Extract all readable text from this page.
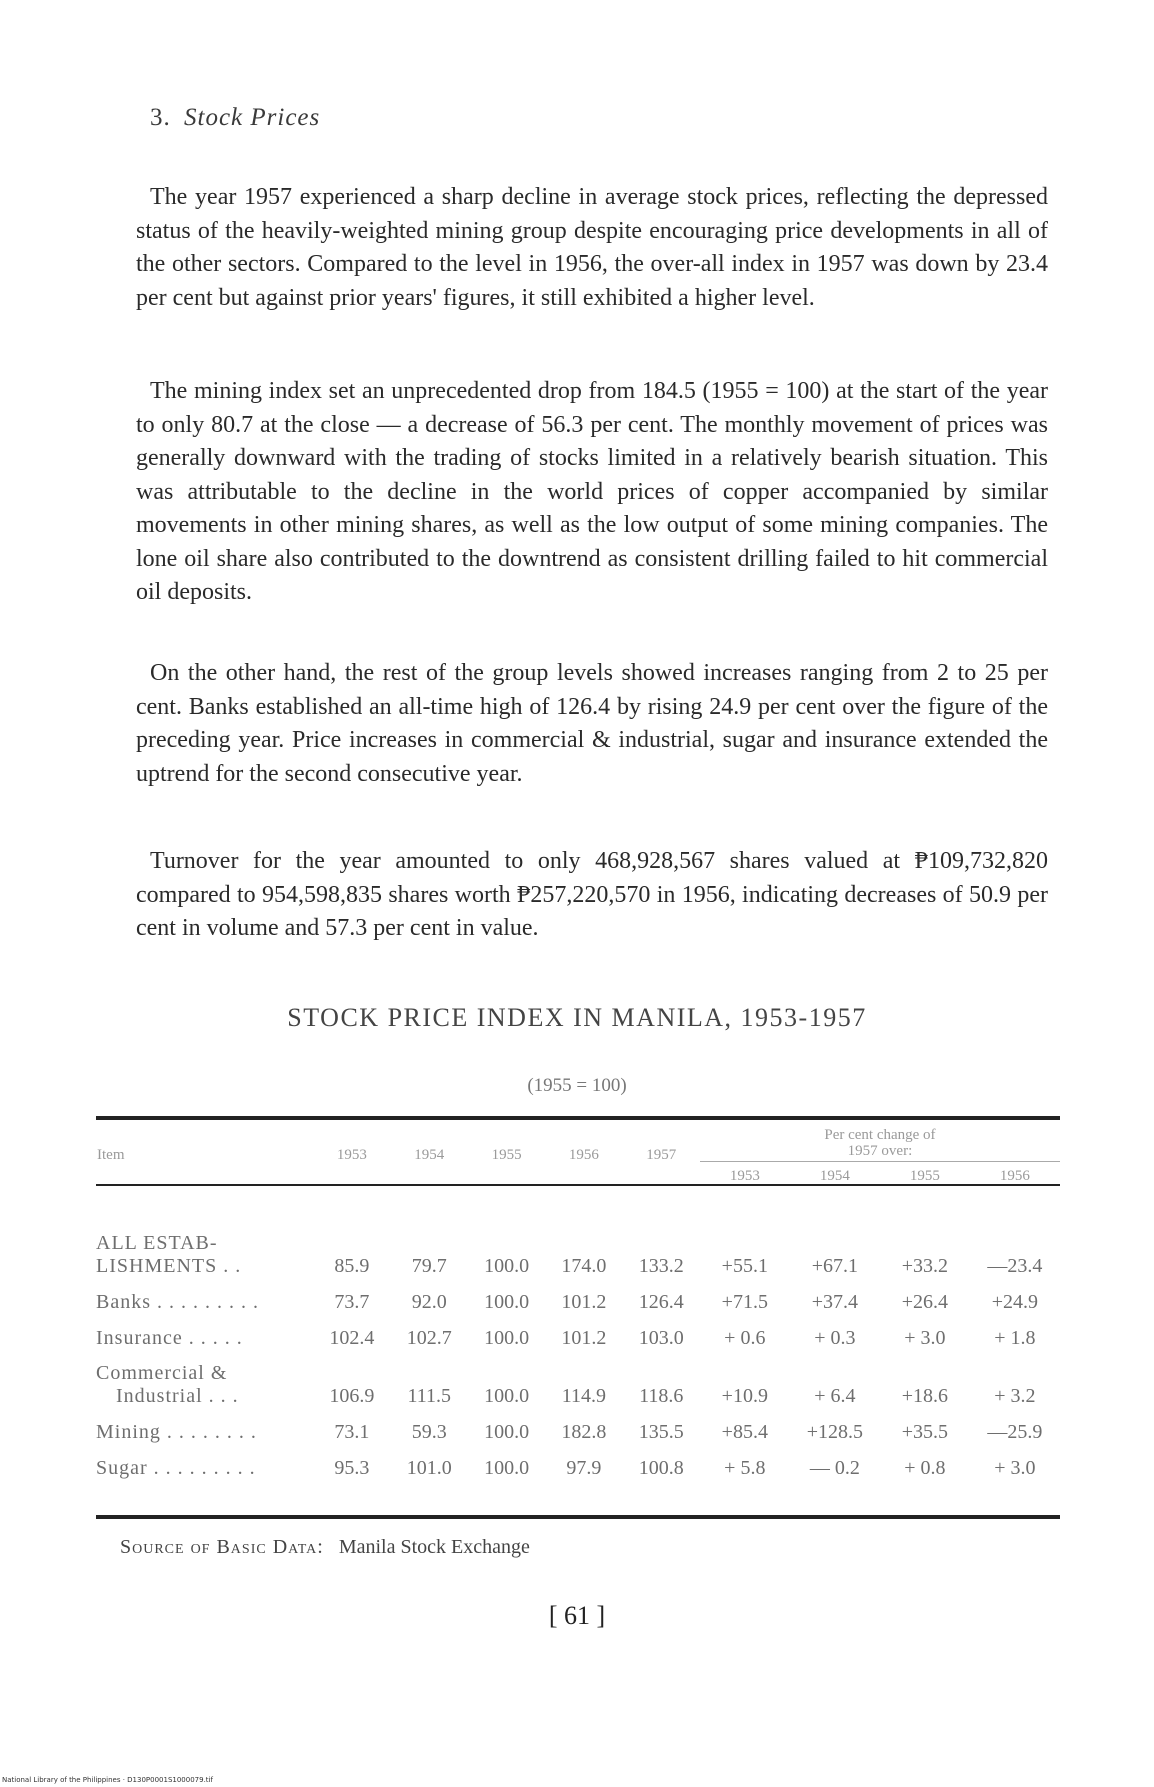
3. Stock Prices

The year 1957 experienced a sharp decline in average stock prices, reflecting the depressed status of the heavily-weighted mining group despite encouraging price developments in all of the other sectors. Compared to the level in 1956, the over-all index in 1957 was down by 23.4 per cent but against prior years' figures, it still exhibited a higher level.

The mining index set an unprecedented drop from 184.5 (1955 = 100) at the start of the year to only 80.7 at the close — a decrease of 56.3 per cent. The monthly movement of prices was generally downward with the trading of stocks limited in a relatively bearish situation. This was attributable to the decline in the world prices of copper accompanied by similar movements in other mining shares, as well as the low output of some mining companies. The lone oil share also contributed to the downtrend as consistent drilling failed to hit commercial oil deposits.

On the other hand, the rest of the group levels showed increases ranging from 2 to 25 per cent. Banks established an all-time high of 126.4 by rising 24.9 per cent over the figure of the preceding year. Price increases in commercial & industrial, sugar and insurance extended the uptrend for the second consecutive year.

Turnover for the year amounted to only 468,928,567 shares valued at ₱109,732,820 compared to 954,598,835 shares worth ₱257,220,570 in 1956, indicating decreases of 50.9 per cent in volume and 57.3 per cent in value.

STOCK PRICE INDEX IN MANILA, 1953-1957
(1955 = 100)
Item	1953	1954	1955	1956	1957	Per cent change of
1957 over:			

						1953	1954	1955	1956

ALL ESTAB-
LISHMENTS . .	85.9	79.7	100.0	174.0	133.2	+55.1	+67.1	+33.2	—23.4
Banks . . . . . . . . .	73.7	92.0	100.0	101.2	126.4	+71.5	+37.4	+26.4	+24.9
Insurance . . . . .	102.4	102.7	100.0	101.2	103.0	+ 0.6	+ 0.3	+ 3.0	+ 1.8

Commercial &
Industrial . . .	106.9	111.5	100.0	114.9	118.6	+10.9	+ 6.4	+18.6	+ 3.2
Mining . . . . . . . .	73.1	59.3	100.0	182.8	135.5	+85.4	+128.5	+35.5	—25.9
Sugar . . . . . . . . .	95.3	101.0	100.0	97.9	100.8	+ 5.8	— 0.2	+ 0.8	+ 3.0
Source of Basic Data: Manila Stock Exchange
[ 61 ]
National Library of the Philippines · D130P0001S1000079.tif
